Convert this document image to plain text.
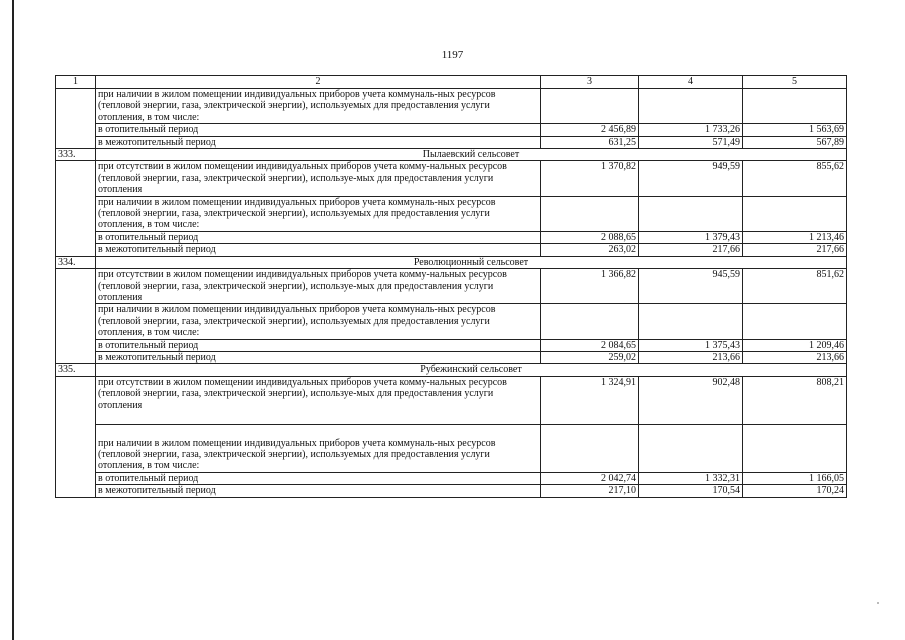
1197
1	2	3	4	5
	при наличии в жилом помещении индивидуальных приборов учета коммуналь-ных ресурсов (тепловой энергии, газа, электрической энергии), используемых для предоставления услуги отопления, в том числе:			
	в отопительный период	2 456,89	1 733,26	1 563,69
	в межотопительный период	631,25	571,49	567,89
333.	Пылаевский сельсовет			
	при отсутствии в жилом помещении индивидуальных приборов учета комму-нальных ресурсов (тепловой энергии, газа, электрической энергии), используе-мых для предоставления услуги отопления	1 370,82	949,59	855,62
	при наличии в жилом помещении индивидуальных приборов учета коммуналь-ных ресурсов (тепловой энергии, газа, электрической энергии), используемых для предоставления услуги отопления, в том числе:			
	в отопительный период	2 088,65	1 379,43	1 213,46
	в межотопительный период	263,02	217,66	217,66
334.	Революционный сельсовет			
	при отсутствии в жилом помещении индивидуальных приборов учета комму-нальных ресурсов (тепловой энергии, газа, электрической энергии), используе-мых для предоставления услуги отопления	1 366,82	945,59	851,62
	при наличии в жилом помещении индивидуальных приборов учета коммуналь-ных ресурсов (тепловой энергии, газа, электрической энергии), используемых для предоставления услуги отопления, в том числе:			
	в отопительный период	2 084,65	1 375,43	1 209,46
	в межотопительный период	259,02	213,66	213,66
335.	Рубежинский сельсовет			
	при отсутствии в жилом помещении индивидуальных приборов учета комму-нальных ресурсов (тепловой энергии, газа, электрической энергии), используе-мых для предоставления услуги отопления	1 324,91	902,48	808,21
	при наличии в жилом помещении индивидуальных приборов учета коммуналь-ных ресурсов (тепловой энергии, газа, электрической энергии), используемых для предоставления услуги отопления, в том числе:			
	в отопительный период	2 042,74	1 332,31	1 166,05
	в межотопительный период	217,10	170,54	170,24
